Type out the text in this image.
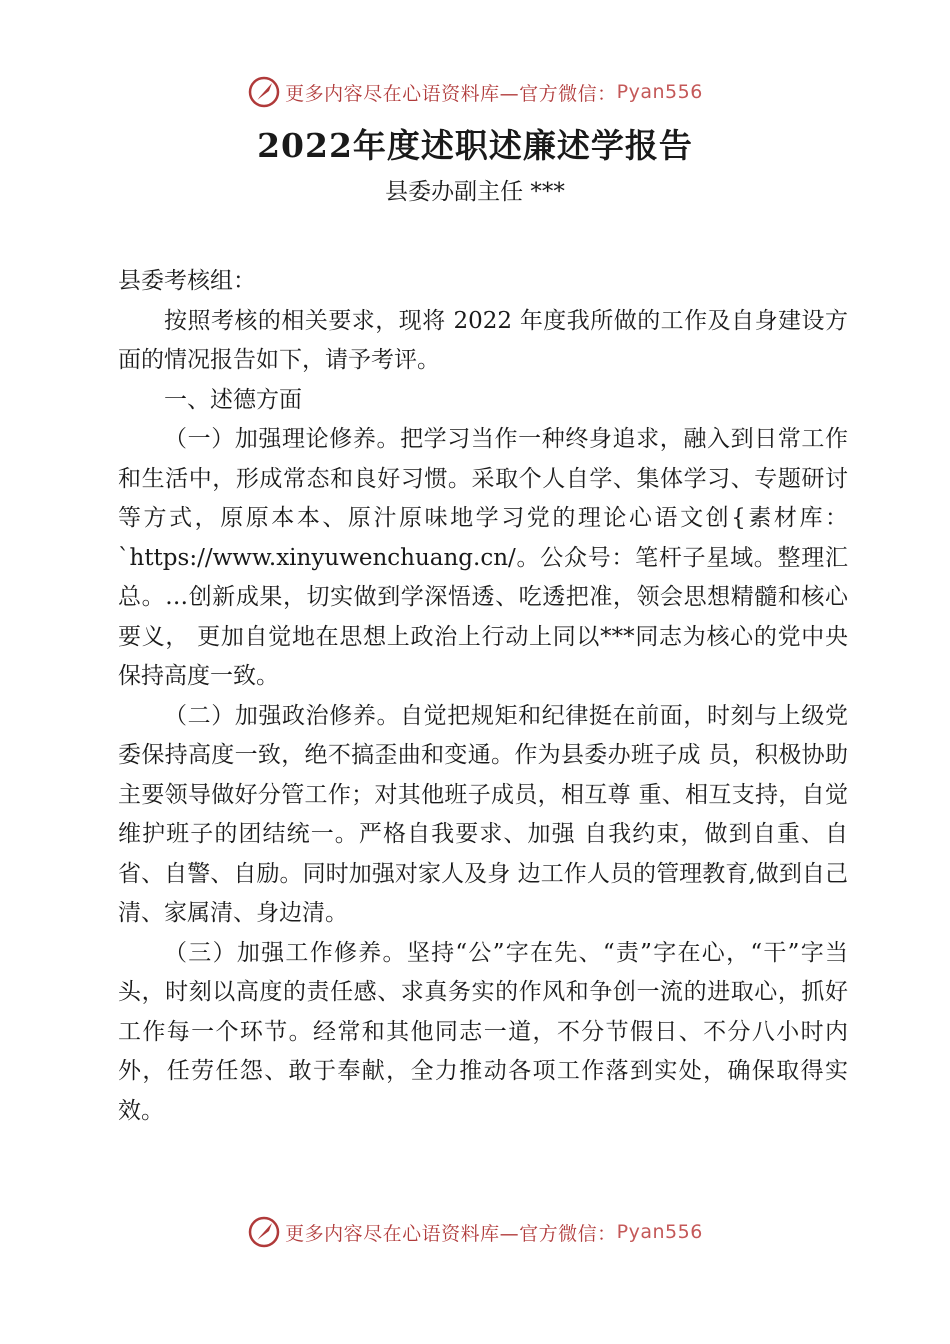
更多内容尽在心语资料库—官方微信： Pyan556
2022年度述职述廉述学报告
县委办副主任 ***

县委考核组：

按照考核的相关要求，现将 2022 年度我所做的工作及自身建设方面的情况报告如下，请予考评。

一、述德方面

（一）加强理论修养。把学习当作一种终身追求，融入到日常工作和生活中，形成常态和良好习惯。采取个人自学、集体学习、专题研讨等方式，原原本本、原汁原味地学习党的理论心语文创{素材库：`https://www.xinyuwenchuang.cn/。公众号：笔杆子星域。整理汇总。…创新成果，切实做到学深悟透、吃透把准，领会思想精髓和核心要义， 更加自觉地在思想上政治上行动上同以***同志为核心的党中央保持高度一致。

（二）加强政治修养。自觉把规矩和纪律挺在前面，时刻与上级党委保持高度一致，绝不搞歪曲和变通。作为县委办班子成 员，积极协助主要领导做好分管工作；对其他班子成员，相互尊 重、相互支持，自觉维护班子的团结统一。严格自我要求、加强 自我约束，做到自重、自省、自警、自励。同时加强对家人及身 边工作人员的管理教育,做到自己清、家属清、身边清。

（三）加强工作修养。坚持“公”字在先、“责”字在心，“干”字当头，时刻以高度的责任感、求真务实的作风和争创一流的进取心，抓好工作每一个环节。经常和其他同志一道，不分节假日、不分八小时内外，任劳任怨、敢于奉献，全力推动各项工作落到实处，确保取得实效。

更多内容尽在心语资料库—官方微信： Pyan556
